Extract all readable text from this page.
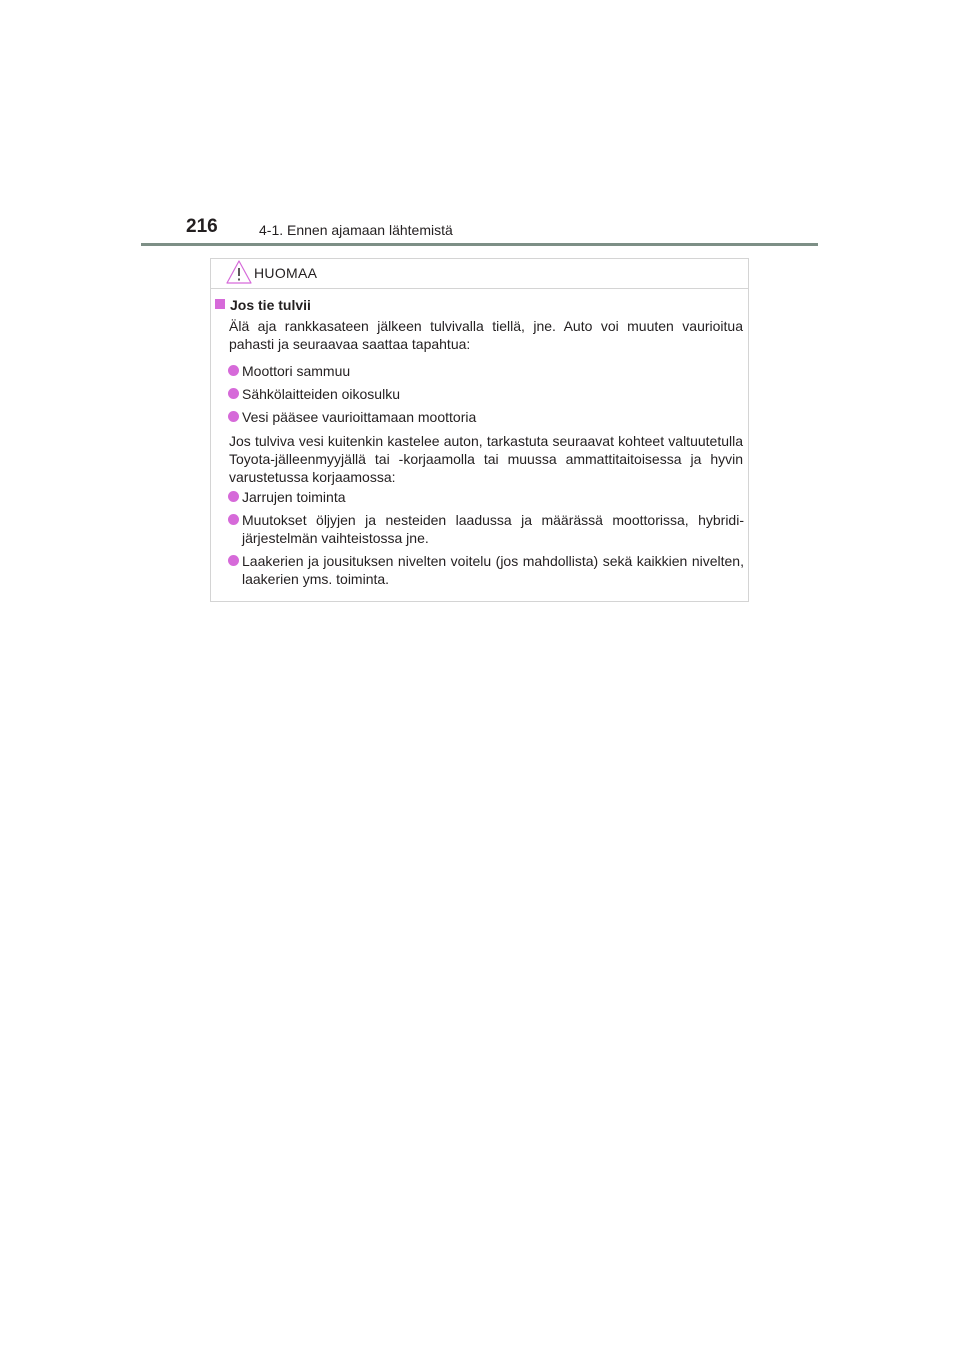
216	4-1. Ennen ajamaan lähtemistä
HUOMAA
Jos tie tulvii
Älä aja rankkasateen jälkeen tulvivalla tiellä, jne. Auto voi muuten vaurioitua pahasti ja seuraavaa saattaa tapahtua:
Moottori sammuu
Sähkölaitteiden oikosulku
Vesi pääsee vaurioittamaan moottoria
Jos tulviva vesi kuitenkin kastelee auton, tarkastuta seuraavat kohteet valtuutetulla Toyota-jälleenmyyjällä tai -korjaamolla tai muussa ammattitaitoisessa ja hyvin varustetussa korjaamossa:
Jarrujen toiminta
Muutokset öljyjen ja nesteiden laadussa ja määrässä moottorissa, hybridijärjestelmän vaihteistossa jne.
Laakerien ja jousituksen nivelten voitelu (jos mahdollista) sekä kaikkien nivelten, laakerien yms. toiminta.
